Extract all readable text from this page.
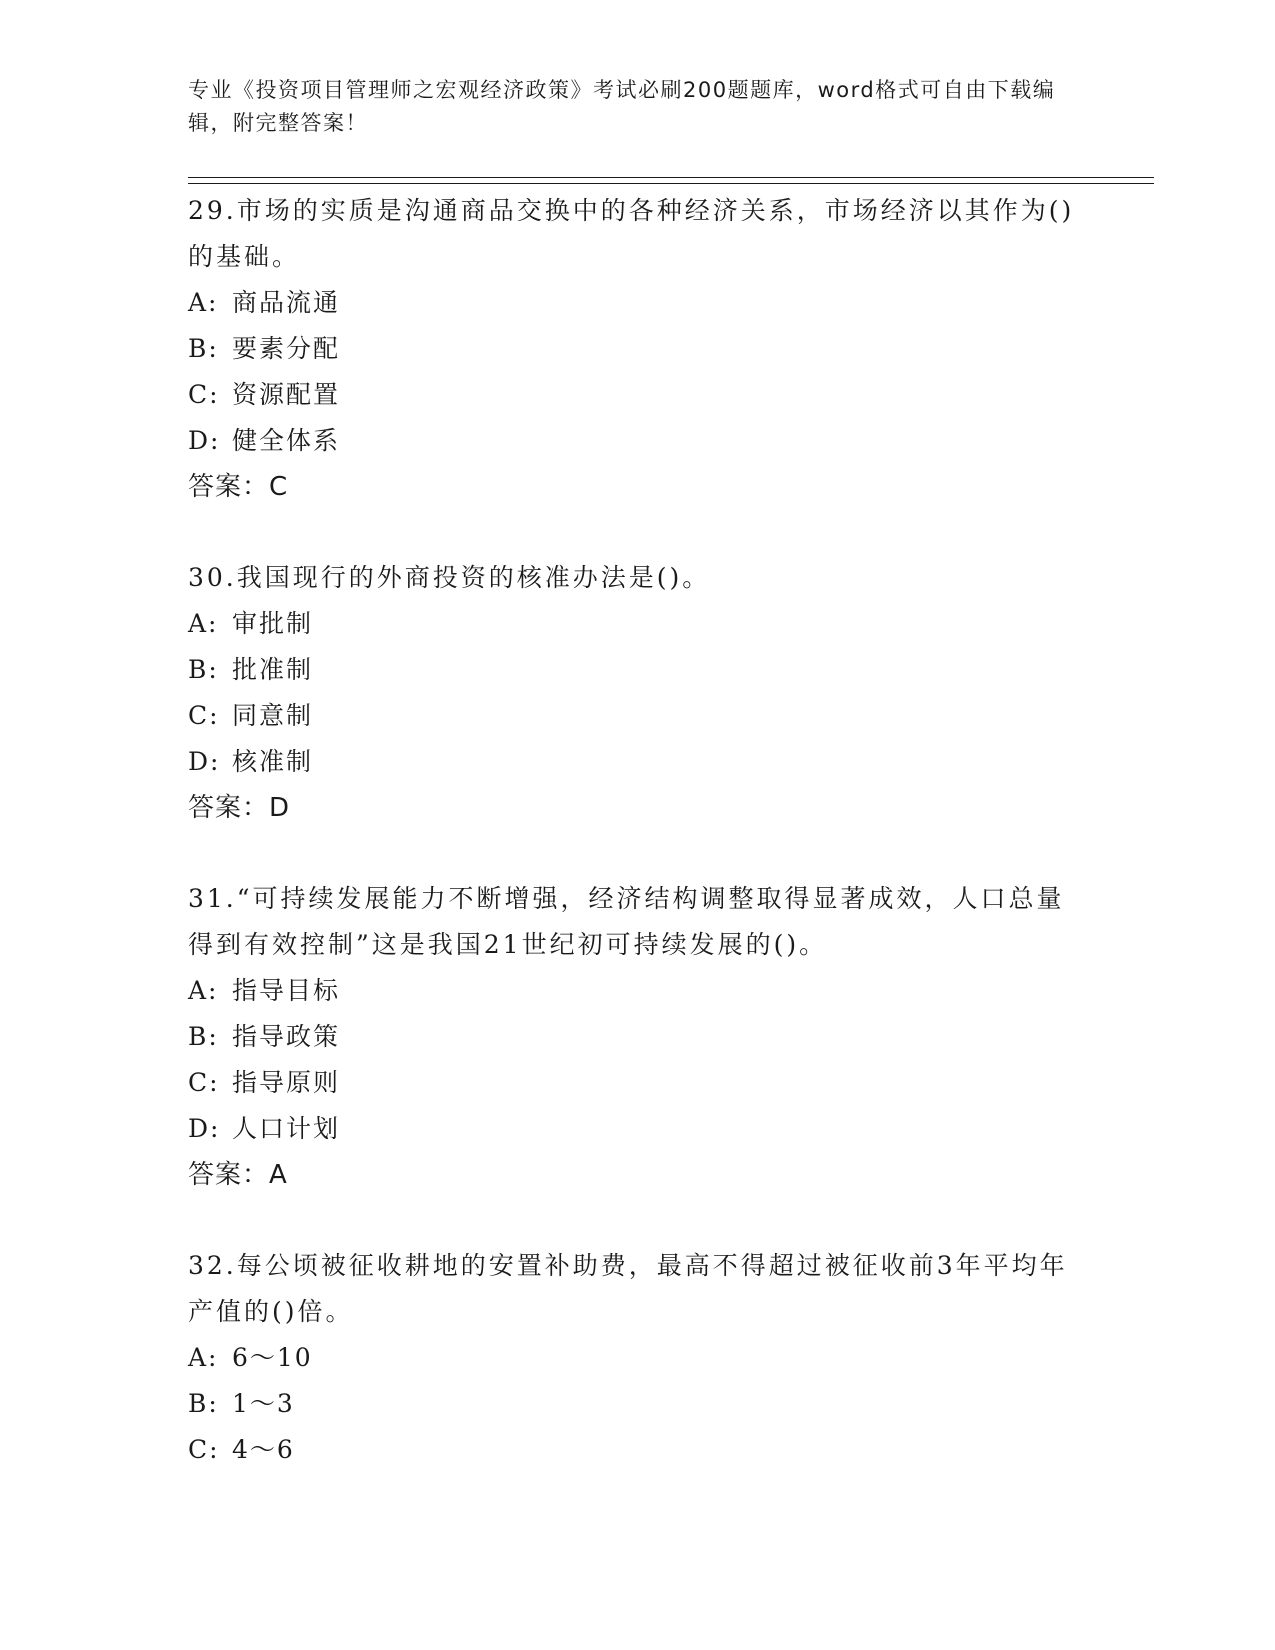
专业《投资项目管理师之宏观经济政策》考试必刷200题题库，word格式可自由下载编辑，附完整答案！

29.市场的实质是沟通商品交换中的各种经济关系，市场经济以其作为()的基础。

A: 商品流通

B: 要素分配

C: 资源配置

D: 健全体系

答案：C

30.我国现行的外商投资的核准办法是()。

A: 审批制

B: 批准制

C: 同意制

D: 核准制

答案：D

31.“可持续发展能力不断增强，经济结构调整取得显著成效，人口总量得到有效控制”这是我国21世纪初可持续发展的()。

A: 指导目标

B: 指导政策

C: 指导原则

D: 人口计划

答案：A

32.每公顷被征收耕地的安置补助费，最高不得超过被征收前3年平均年产值的()倍。

A: 6～10

B: 1～3

C: 4～6
